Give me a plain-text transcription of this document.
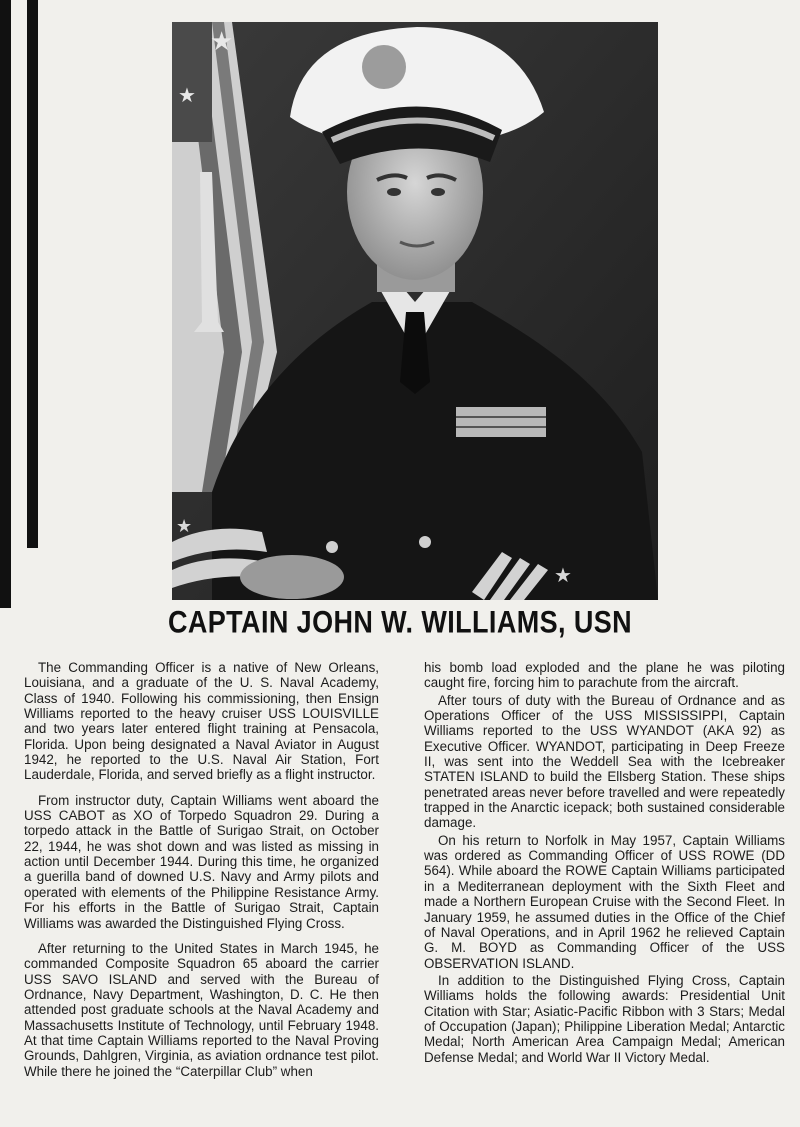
★
★
★
★
CAPTAIN JOHN W. WILLIAMS, USN

The Commanding Officer is a native of New Orleans, Louisiana, and a graduate of the U. S. Naval Academy, Class of 1940. Following his commissioning, then Ensign Williams reported to the heavy cruiser USS LOUISVILLE and two years later entered flight training at Pensacola, Florida. Upon being designated a Naval Aviator in August 1942, he reported to the U.S. Naval Air Station, Fort Lauderdale, Florida, and served briefly as a flight instructor.

From instructor duty, Captain Williams went aboard the USS CABOT as XO of Torpedo Squadron 29. During a torpedo attack in the Battle of Surigao Strait, on October 22, 1944, he was shot down and was listed as missing in action until December 1944. During this time, he organized a guerilla band of downed U.S. Navy and Army pilots and operated with elements of the Philippine Resistance Army. For his efforts in the Battle of Surigao Strait, Captain Williams was awarded the Distinguished Flying Cross.

After returning to the United States in March 1945, he commanded Composite Squadron 65 aboard the carrier USS SAVO ISLAND and served with the Bureau of Ordnance, Navy Department, Washington, D. C. He then attended post graduate schools at the Naval Academy and Massachusetts Institute of Technology, until February 1948. At that time Captain Williams reported to the Naval Proving Grounds, Dahlgren, Virginia, as aviation ordnance test pilot. While there he joined the “Caterpillar Club” when

his bomb load exploded and the plane he was piloting caught fire, forcing him to parachute from the aircraft.

After tours of duty with the Bureau of Ordnance and as Operations Officer of the USS MISSISSIPPI, Captain Williams reported to the USS WYANDOT (AKA 92) as Executive Officer. WYANDOT, participating in Deep Freeze II, was sent into the Weddell Sea with the Icebreaker STATEN ISLAND to build the Ellsberg Station. These ships penetrated areas never before travelled and were repeatedly trapped in the Anarctic icepack; both sustained considerable damage.

On his return to Norfolk in May 1957, Captain Williams was ordered as Commanding Officer of USS ROWE (DD 564). While aboard the ROWE Captain Williams participated in a Mediterranean deployment with the Sixth Fleet and made a Northern European Cruise with the Second Fleet. In January 1959, he assumed duties in the Office of the Chief of Naval Operations, and in April 1962 he relieved Captain G. M. BOYD as Commanding Officer of the USS OBSERVATION ISLAND.

In addition to the Distinguished Flying Cross, Captain Williams holds the following awards: Presidential Unit Citation with Star; Asiatic-Pacific Ribbon with 3 Stars; Medal of Occupation (Japan); Philippine Liberation Medal; Antarctic Medal; North American Area Campaign Medal; American Defense Medal; and World War II Victory Medal.
